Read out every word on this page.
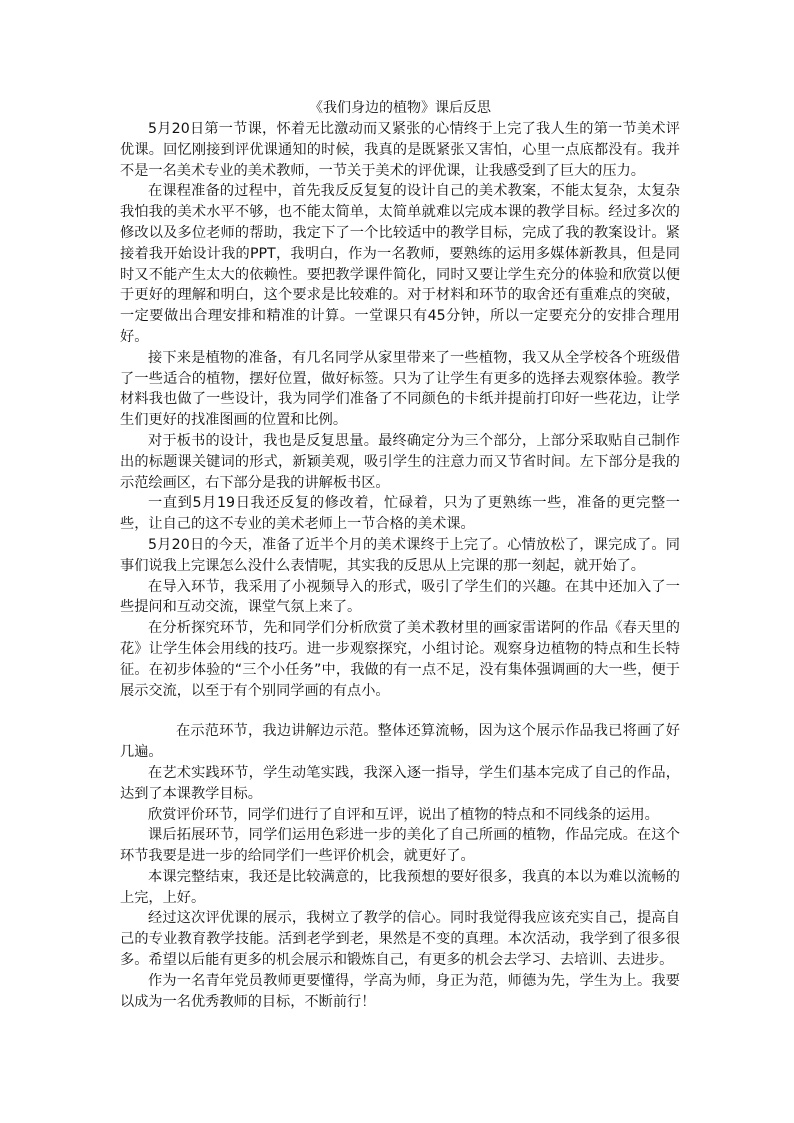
《我们身边的植物》课后反思

5月20日第一节课，怀着无比激动而又紧张的心情终于上完了我人生的第一节美术评优课。回忆刚接到评优课通知的时候，我真的是既紧张又害怕，心里一点底都没有。我并不是一名美术专业的美术教师，一节关于美术的评优课，让我感受到了巨大的压力。

在课程准备的过程中，首先我反反复复的设计自己的美术教案，不能太复杂，太复杂我怕我的美术水平不够，也不能太简单，太简单就难以完成本课的教学目标。经过多次的修改以及多位老师的帮助，我定下了一个比较适中的教学目标，完成了我的教案设计。紧接着我开始设计我的PPT，我明白，作为一名教师，要熟练的运用多媒体新教具，但是同时又不能产生太大的依赖性。要把教学课件简化，同时又要让学生充分的体验和欣赏以便于更好的理解和明白，这个要求是比较难的。对于材料和环节的取舍还有重难点的突破，一定要做出合理安排和精准的计算。一堂课只有45分钟，所以一定要充分的安排合理用好。

接下来是植物的准备，有几名同学从家里带来了一些植物，我又从全学校各个班级借了一些适合的植物，摆好位置，做好标签。只为了让学生有更多的选择去观察体验。教学材料我也做了一些设计，我为同学们准备了不同颜色的卡纸并提前打印好一些花边，让学生们更好的找准图画的位置和比例。

对于板书的设计，我也是反复思量。最终确定分为三个部分，上部分采取贴自己制作出的标题课关键词的形式，新颖美观，吸引学生的注意力而又节省时间。左下部分是我的示范绘画区，右下部分是我的讲解板书区。

一直到5月19日我还反复的修改着，忙碌着，只为了更熟练一些，准备的更完整一些，让自己的这不专业的美术老师上一节合格的美术课。

5月20日的今天，准备了近半个月的美术课终于上完了。心情放松了，课完成了。同事们说我上完课怎么没什么表情呢，其实我的反思从上完课的那一刻起，就开始了。

在导入环节，我采用了小视频导入的形式，吸引了学生们的兴趣。在其中还加入了一些提问和互动交流，课堂气氛上来了。

在分析探究环节，先和同学们分析欣赏了美术教材里的画家雷诺阿的作品《春天里的花》让学生体会用线的技巧。进一步观察探究，小组讨论。观察身边植物的特点和生长特征。在初步体验的“三个小任务”中，我做的有一点不足，没有集体强调画的大一些，便于展示交流，以至于有个别同学画的有点小。

在示范环节，我边讲解边示范。整体还算流畅，因为这个展示作品我已将画了好几遍。

在艺术实践环节，学生动笔实践，我深入逐一指导，学生们基本完成了自己的作品，达到了本课教学目标。

欣赏评价环节，同学们进行了自评和互评，说出了植物的特点和不同线条的运用。

课后拓展环节，同学们运用色彩进一步的美化了自己所画的植物，作品完成。在这个环节我要是进一步的给同学们一些评价机会，就更好了。

本课完整结束，我还是比较满意的，比我预想的要好很多，我真的本以为难以流畅的上完，上好。

经过这次评优课的展示，我树立了教学的信心。同时我觉得我应该充实自己，提高自己的专业教育教学技能。活到老学到老，果然是不变的真理。本次活动，我学到了很多很多。希望以后能有更多的机会展示和锻炼自己，有更多的机会去学习、去培训、去进步。

作为一名青年党员教师更要懂得，学高为师，身正为范，师德为先，学生为上。我要以成为一名优秀教师的目标，不断前行！
